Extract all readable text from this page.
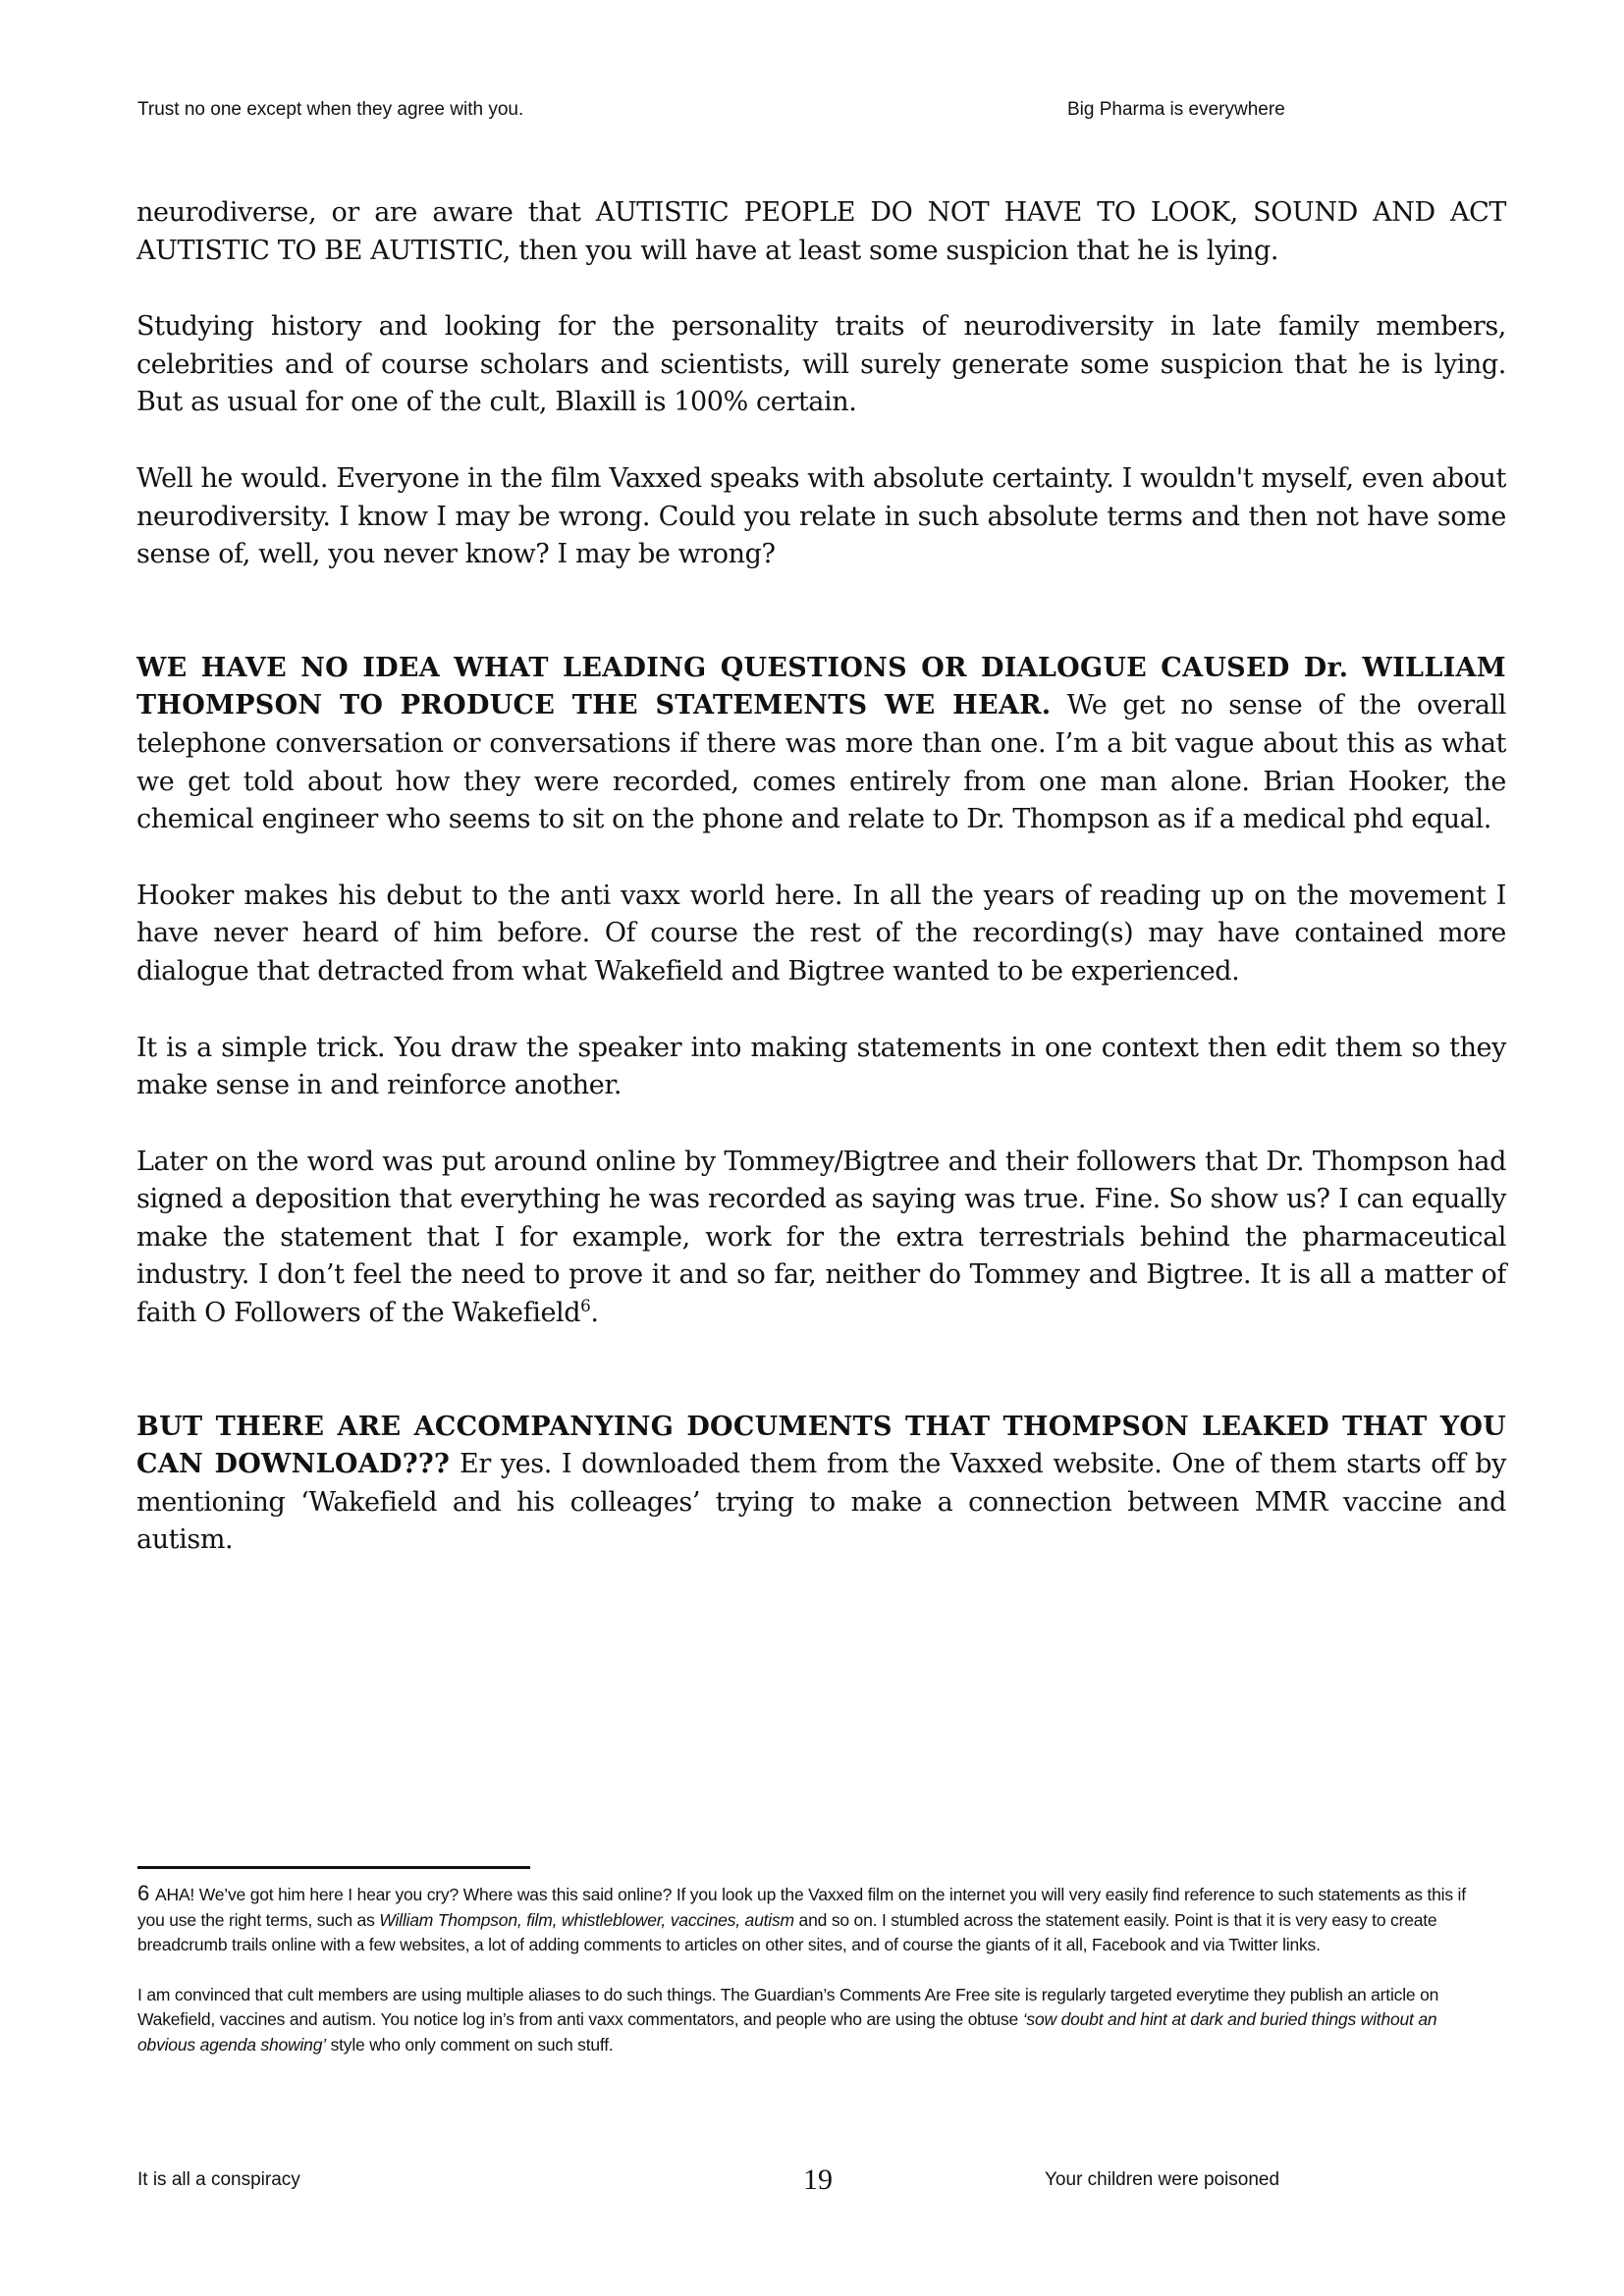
Trust no one except when they agree with you.	Big Pharma is everywhere

neurodiverse, or are aware that AUTISTIC PEOPLE DO NOT HAVE TO LOOK, SOUND AND ACT AUTISTIC TO BE AUTISTIC, then you will have at least some suspicion that he is lying.

Studying history and looking for the personality traits of neurodiversity in late family members, celebrities and of course scholars and scientists, will surely generate some suspicion that he is lying. But as usual for one of the cult, Blaxill is 100% certain.

Well he would. Everyone in the film Vaxxed speaks with absolute certainty. I wouldn't myself, even about neurodiversity. I know I may be wrong. Could you relate in such absolute terms and then not have some sense of, well, you never know? I may be wrong?

WE HAVE NO IDEA WHAT LEADING QUESTIONS OR DIALOGUE CAUSED Dr. WILLIAM THOMPSON TO PRODUCE THE STATEMENTS WE HEAR. We get no sense of the overall telephone conversation or conversations if there was more than one. I’m a bit vague about this as what we get told about how they were recorded, comes entirely from one man alone. Brian Hooker, the chemical engineer who seems to sit on the phone and relate to Dr. Thompson as if a medical phd equal.

Hooker makes his debut to the anti vaxx world here. In all the years of reading up on the movement I have never heard of him before. Of course the rest of the recording(s) may have contained more dialogue that detracted from what Wakefield and Bigtree wanted to be experienced.

It is a simple trick. You draw the speaker into making statements in one context then edit them so they make sense in and reinforce another.

Later on the word was put around online by Tommey/Bigtree and their followers that Dr. Thompson had signed a deposition that everything he was recorded as saying was true. Fine. So show us? I can equally make the statement that I for example, work for the extra terrestrials behind the pharmaceutical industry. I don’t feel the need to prove it and so far, neither do Tommey and Bigtree. It is all a matter of faith O Followers of the Wakefield$^6$.

BUT THERE ARE ACCOMPANYING DOCUMENTS THAT THOMPSON LEAKED THAT YOU CAN DOWNLOAD??? Er yes. I downloaded them from the Vaxxed website. One of them starts off by mentioning ‘Wakefield and his colleages’ trying to make a connection between MMR vaccine and autism.

6 AHA! We’ve got him here I hear you cry? Where was this said online? If you look up the Vaxxed film on the internet you will very easily find reference to such statements as this if you use the right terms, such as William Thompson, film, whistleblower, vaccines, autism and so on. I stumbled across the statement easily. Point is that it is very easy to create breadcrumb trails online with a few websites, a lot of adding comments to articles on other sites, and of course the giants of it all, Facebook and via Twitter links.

I am convinced that cult members are using multiple aliases to do such things. The Guardian’s Comments Are Free site is regularly targeted everytime they publish an article on Wakefield, vaccines and autism. You notice log in’s from anti vaxx commentators, and people who are using the obtuse ‘sow doubt and hint at dark and buried things without an obvious agenda showing’ style who only comment on such stuff.

It is all a conspiracy	19	Your children were poisoned
